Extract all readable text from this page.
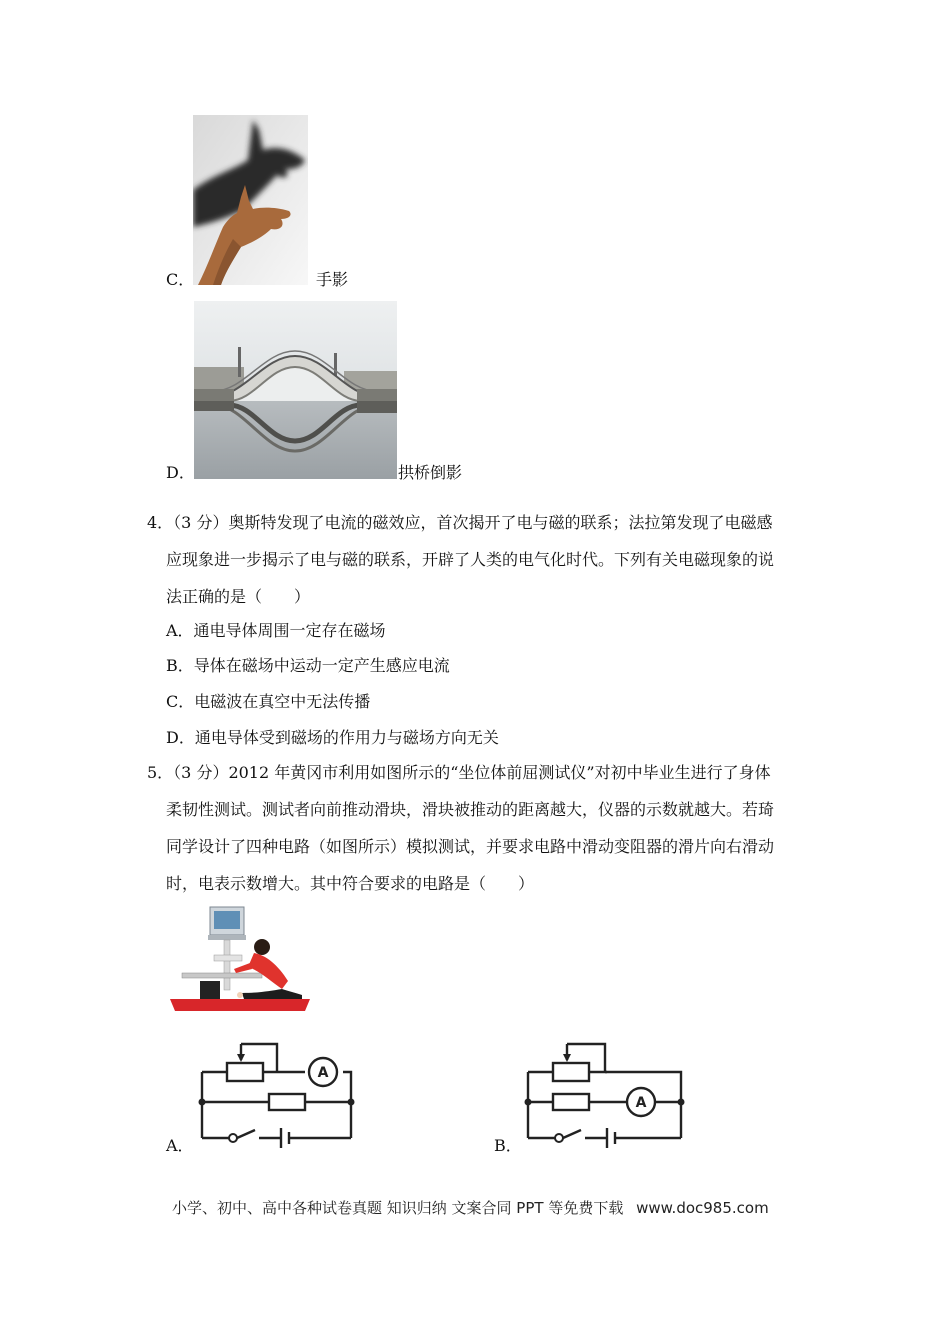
C．	手影
D．	拱桥倒影
4．（3 分）奥斯特发现了电流的磁效应，首次揭开了电与磁的联系；法拉第发现了电磁感
应现象进一步揭示了电与磁的联系，开辟了人类的电气化时代。下列有关电磁现象的说
法正确的是（　　）
A．通电导体周围一定存在磁场
B．导体在磁场中运动一定产生感应电流
C．电磁波在真空中无法传播
D．通电导体受到磁场的作用力与磁场方向无关
5．（3 分）2012 年黄冈市利用如图所示的“坐位体前屈测试仪”对初中毕业生进行了身体
柔韧性测试。测试者向前推动滑块，滑块被推动的距离越大，仪器的示数就越大。若琦
同学设计了四种电路（如图所示）模拟测试，并要求电路中滑动变阻器的滑片向右滑动
时，电表示数增大。其中符合要求的电路是（　　）
A
A．
A
B．
小学、初中、高中各种试卷真题 知识归纳 文案合同 PPT 等免费下载 www.doc985.com
